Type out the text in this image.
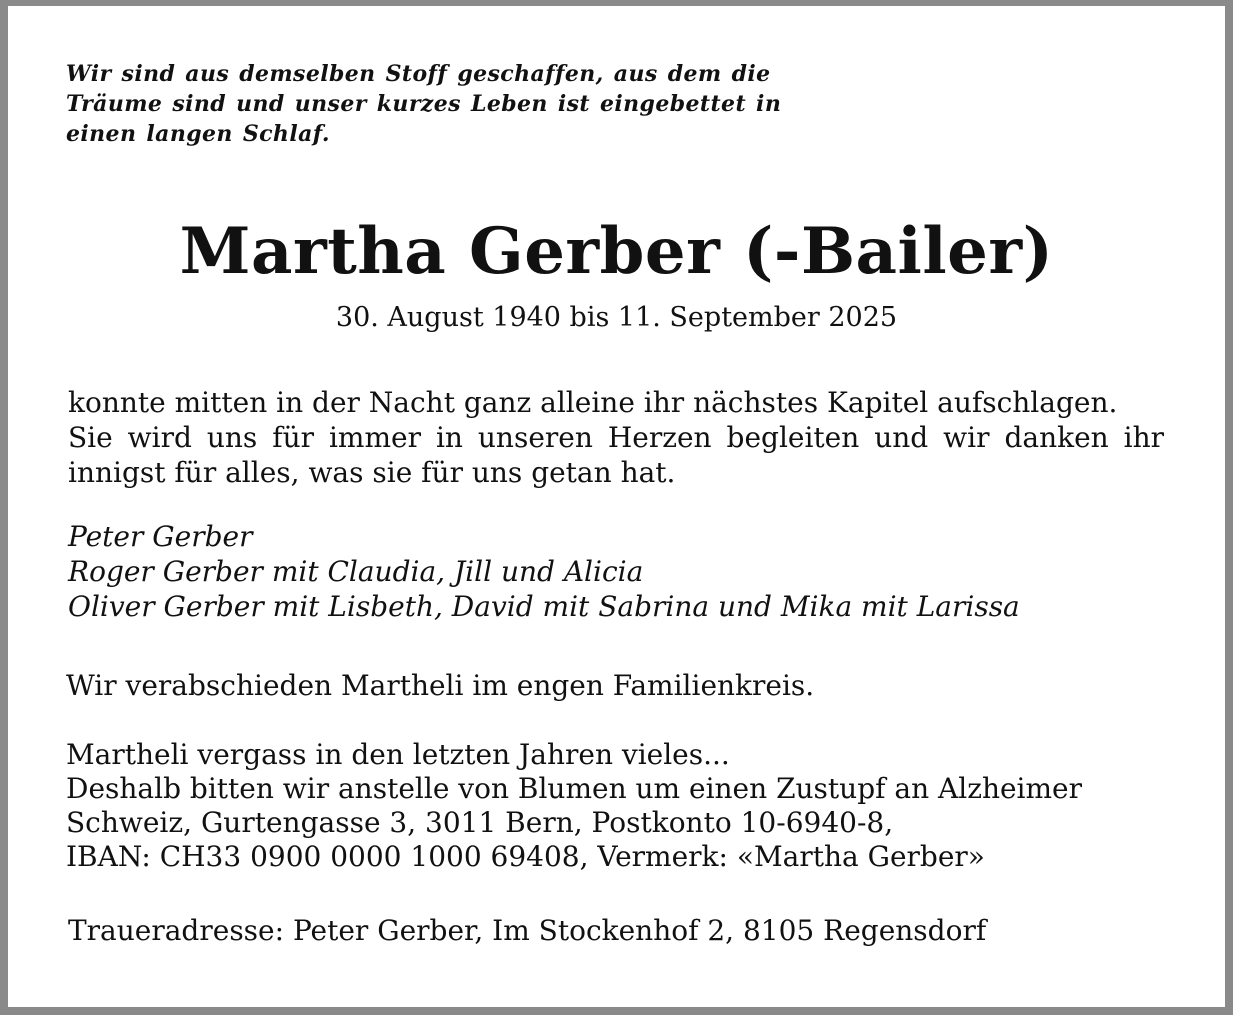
Wir sind aus demselben Stoff geschaffen, aus dem die
Träume sind und unser kurzes Leben ist eingebettet in
einen langen Schlaf.

Martha Gerber (-Bailer)
30. August 1940 bis 11. September 2025

konnte mitten in der Nacht ganz alleine ihr nächstes Kapitel aufschlagen.
Sie wird uns für immer in unseren Herzen begleiten und wir danken ihr
innigst für alles, was sie für uns getan hat.

Peter Gerber
Roger Gerber mit Claudia, Jill und Alicia
Oliver Gerber mit Lisbeth, David mit Sabrina und Mika mit Larissa

Wir verabschieden Martheli im engen Familienkreis.

Martheli vergass in den letzten Jahren vieles...
Deshalb bitten wir anstelle von Blumen um einen Zustupf an Alzheimer
Schweiz, Gurtengasse 3, 3011 Bern, Postkonto 10-6940-8,
IBAN: CH33 0900 0000 1000 69408, Vermerk: «Martha Gerber»

Traueradresse: Peter Gerber, Im Stockenhof 2, 8105 Regensdorf
